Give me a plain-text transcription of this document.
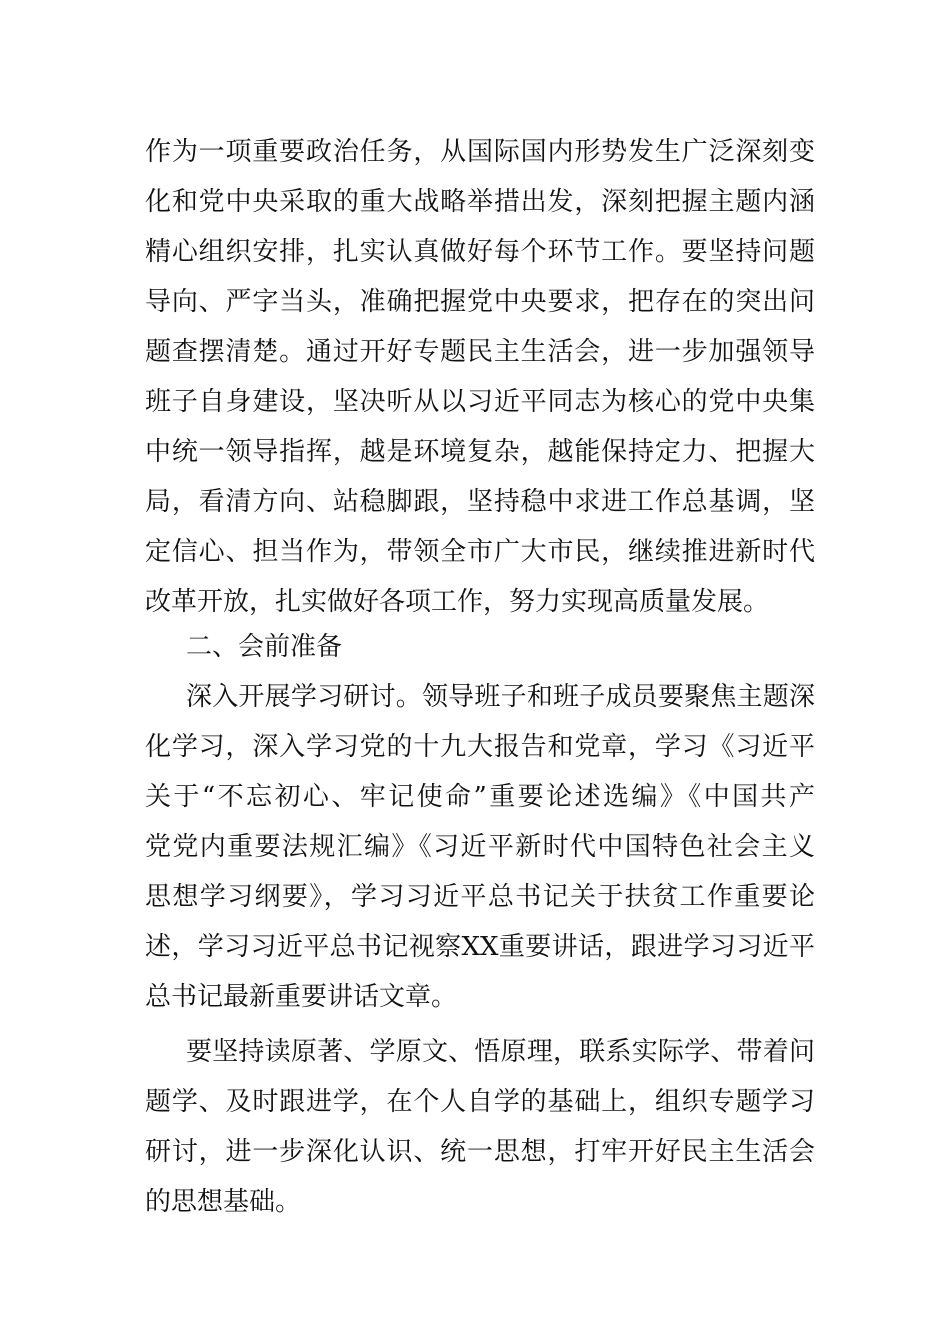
作为一项重要政治任务，从国际国内形势发生广泛深刻变
化和党中央采取的重大战略举措出发，深刻把握主题内涵
精心组织安排，扎实认真做好每个环节工作。要坚持问题
导向、严字当头，准确把握党中央要求，把存在的突出问
题查摆清楚。通过开好专题民主生活会，进一步加强领导
班子自身建设，坚决听从以习近平同志为核心的党中央集
中统一领导指挥，越是环境复杂，越能保持定力、把握大
局，看清方向、站稳脚跟，坚持稳中求进工作总基调，坚
定信心、担当作为，带领全市广大市民，继续推进新时代
改革开放，扎实做好各项工作，努力实现高质量发展。
二、会前准备
深入开展学习研讨。领导班子和班子成员要聚焦主题深
化学习，深入学习党的十九大报告和党章，学习《习近平
关于“不忘初心、牢记使命”重要论述选编》《中国共产
党党内重要法规汇编》《习近平新时代中国特色社会主义
思想学习纲要》，学习习近平总书记关于扶贫工作重要论
述，学习习近平总书记视察XX重要讲话，跟进学习习近平
总书记最新重要讲话文章。
要坚持读原著、学原文、悟原理，联系实际学、带着问
题学、及时跟进学，在个人自学的基础上，组织专题学习
研讨，进一步深化认识、统一思想，打牢开好民主生活会
的思想基础。
